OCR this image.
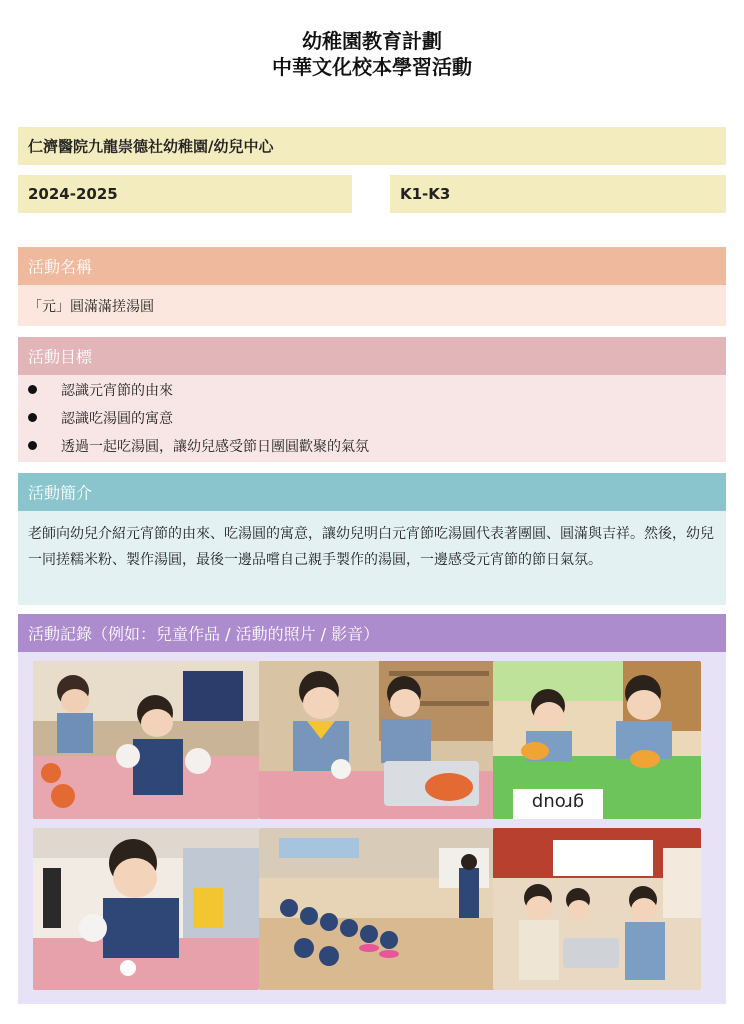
幼稚園教育計劃
中華文化校本學習活動
仁濟醫院九龍崇德社幼稚園/幼兒中心
2024-2025	K1-K3
活動名稱
「元」圓滿滿搓湯圓
活動目標
認識元宵節的由來
認識吃湯圓的寓意
透過一起吃湯圓，讓幼兒感受節日團圓歡聚的氣氛
活動簡介
老師向幼兒介紹元宵節的由來、吃湯圓的寓意，讓幼兒明白元宵節吃湯圓代表著團圓、圓滿與吉祥。然後，幼兒一同搓糯米粉、製作湯圓，最後一邊品嚐自己親手製作的湯圓，一邊感受元宵節的節日氣氛。
活動記錄（例如：兒童作品 / 活動的照片 / 影音）
group
